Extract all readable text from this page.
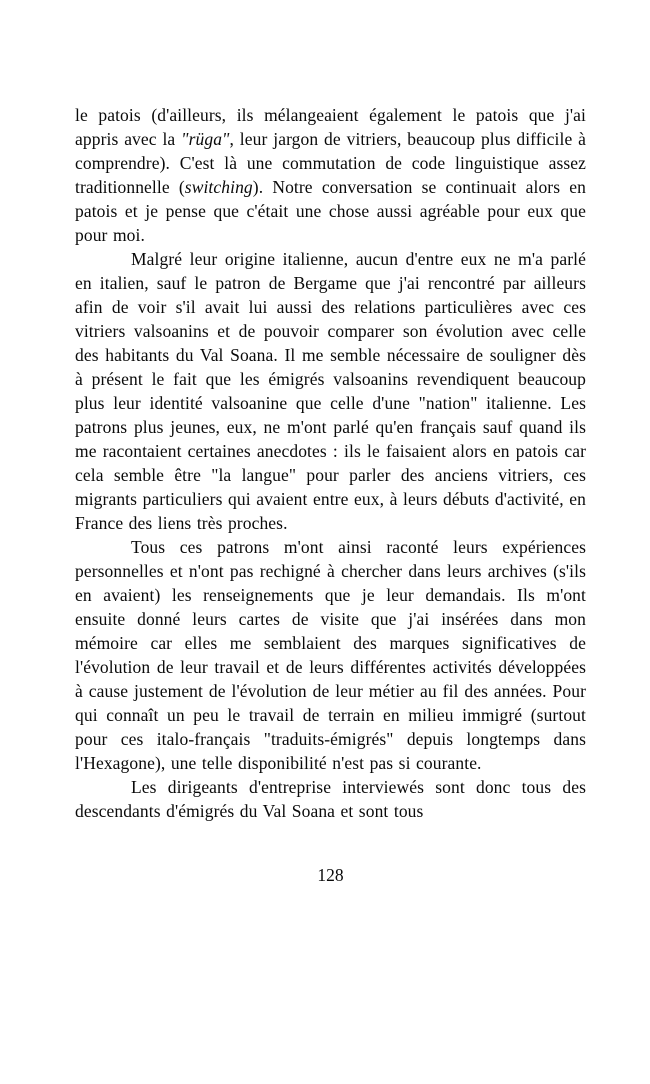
le patois (d'ailleurs, ils mélangeaient également le patois que j'ai appris avec la "rüga", leur jargon de vitriers, beaucoup plus difficile à comprendre). C'est là une commutation de code linguistique assez traditionnelle (switching). Notre conversation se continuait alors en patois et je pense que c'était une chose aussi agréable pour eux que pour moi.

Malgré leur origine italienne, aucun d'entre eux ne m'a parlé en italien, sauf le patron de Bergame que j'ai rencontré par ailleurs afin de voir s'il avait lui aussi des relations particulières avec ces vitriers valsoanins et de pouvoir comparer son évolution avec celle des habitants du Val Soana. Il me semble nécessaire de souligner dès à présent le fait que les émigrés valsoanins revendiquent beaucoup plus leur identité valsoanine que celle d'une "nation" italienne. Les patrons plus jeunes, eux, ne m'ont parlé qu'en français sauf quand ils me racontaient certaines anecdotes : ils le faisaient alors en patois car cela semble être "la langue" pour parler des anciens vitriers, ces migrants particuliers qui avaient entre eux, à leurs débuts d'activité, en France des liens très proches.

Tous ces patrons m'ont ainsi raconté leurs expériences personnelles et n'ont pas rechigné à chercher dans leurs archives (s'ils en avaient) les renseignements que je leur demandais. Ils m'ont ensuite donné leurs cartes de visite que j'ai insérées dans mon mémoire car elles me semblaient des marques significatives de l'évolution de leur travail et de leurs différentes activités développées à cause justement de l'évolution de leur métier au fil des années. Pour qui connaît un peu le travail de terrain en milieu immigré (surtout pour ces italo-français "traduits-émigrés" depuis longtemps dans l'Hexagone), une telle disponibilité n'est pas si courante.

Les dirigeants d'entreprise interviewés sont donc tous des descendants d'émigrés du Val Soana et sont tous

128
